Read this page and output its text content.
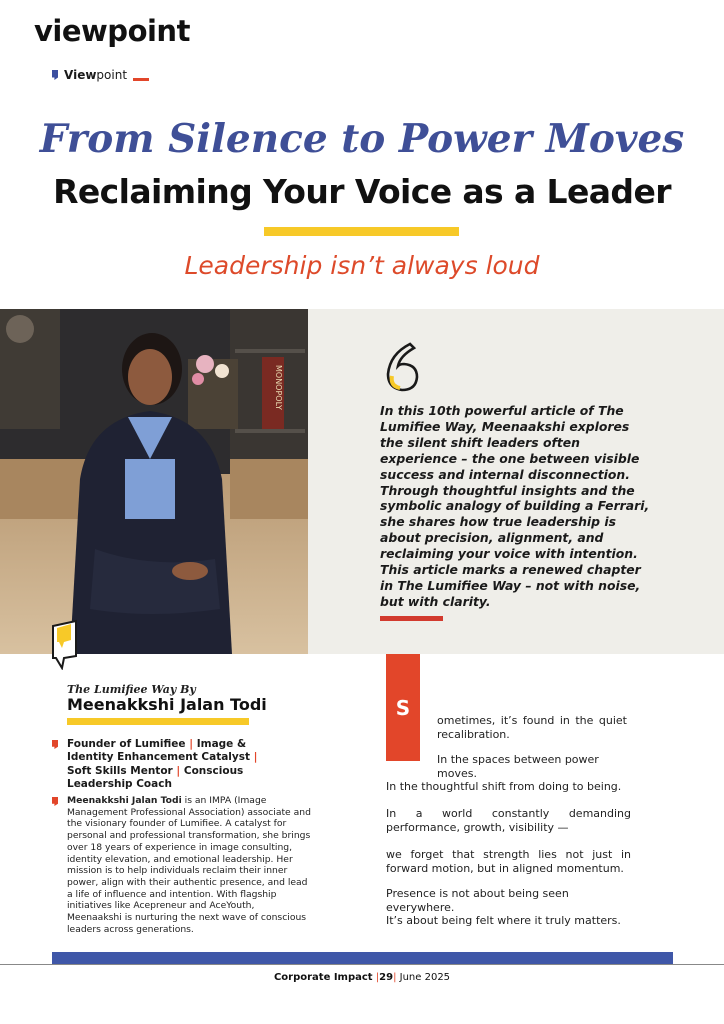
viewpoint
Viewpoint
From Silence to Power Moves
Reclaiming Your Voice as a Leader
Leadership isn’t always loud
MONOPOLY
In this 10th powerful article of The Lumifiee Way, Meenaakshi explores the silent shift leaders often experience – the one between visible success and internal disconnection. Through thoughtful insights and the symbolic analogy of building a Ferrari, she shares how true leadership is about precision, alignment, and reclaiming your voice with intention. This article marks a renewed chapter in The Lumifiee Way – not with noise, but with clarity.
The Lumifiee Way By
Meenakkshi Jalan Todi
Founder of Lumifiee | Image & Identity Enhancement Catalyst | Soft Skills Mentor | Conscious Leadership Coach
Meenakkshi Jalan Todi is an IMPA (Image Management Professional Association) associate and the visionary founder of Lumifiee. A catalyst for personal and professional transformation, she brings over 18 years of experience in image consulting, identity elevation, and emotional leadership. Her mission is to help individuals reclaim their inner power, align with their authentic presence, and lead a life of influence and intention. With flagship initiatives like Acepreneur and AceYouth, Meenaakshi is nurturing the next wave of conscious leaders across generations.
S
ometimes, it’s found in the quiet recalibration.
In the spaces between power moves.
In the thoughtful shift from doing to being.
In a world constantly demanding performance, growth, visibility —
we forget that strength lies not just in forward motion, but in aligned momentum.
Presence is not about being seen everywhere.
It’s about being felt where it truly matters.
Corporate Impact |29| June 2025
